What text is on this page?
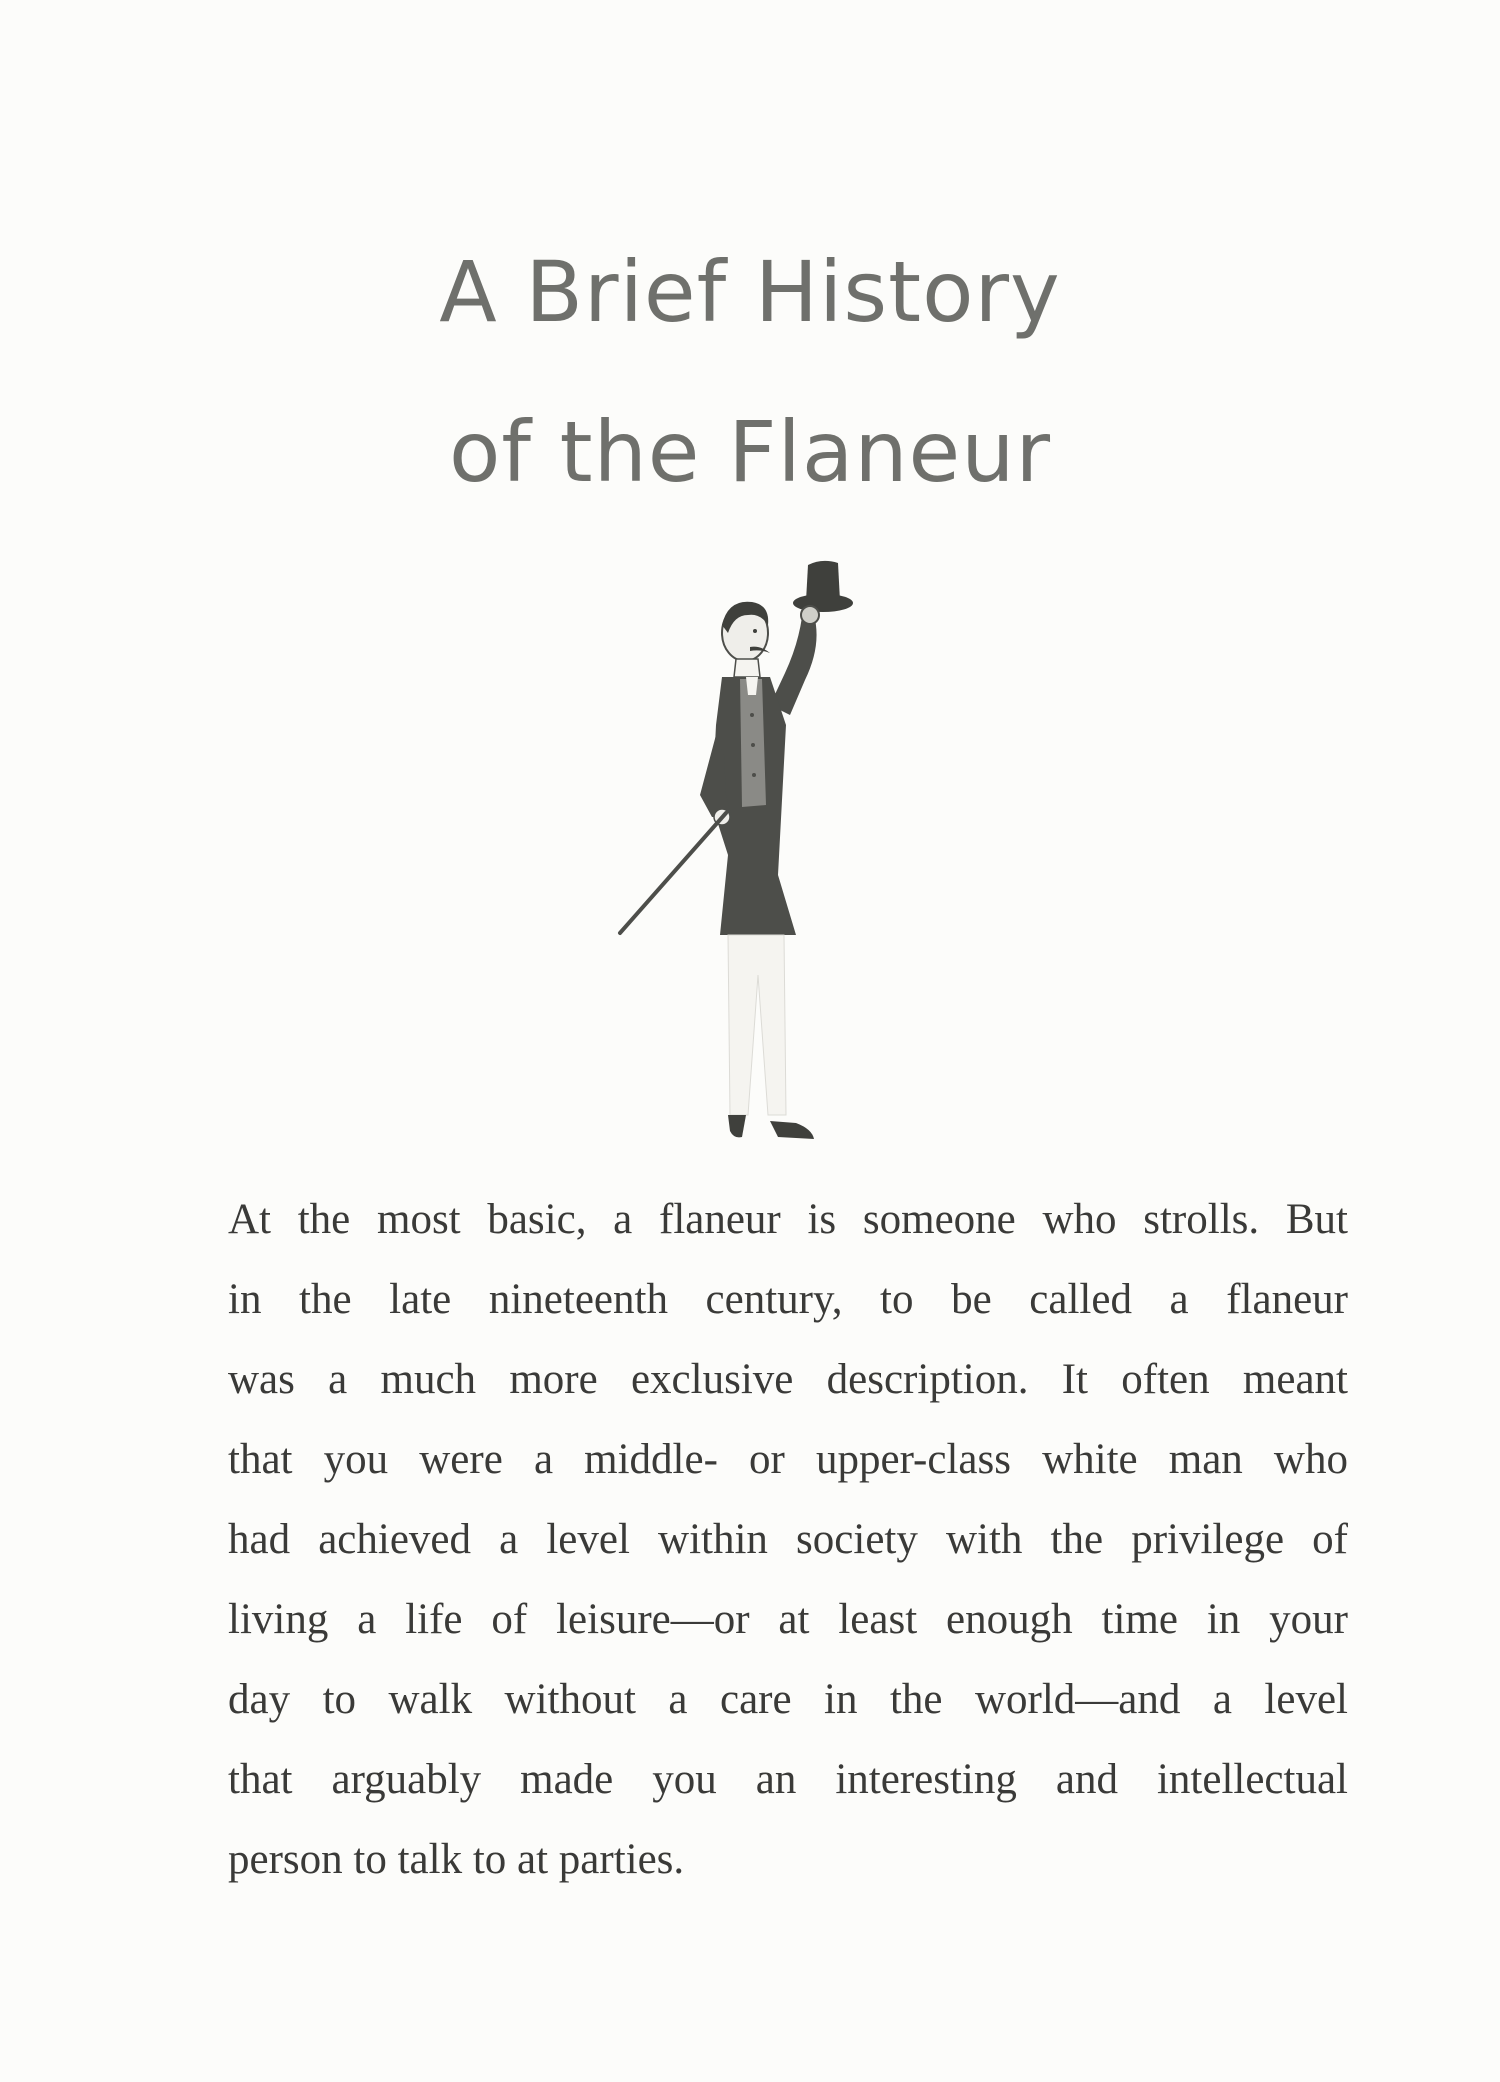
A Brief History
of the Flaneur

At the most basic, a flaneur is someone who strolls. But
in the late nineteenth century, to be called a flaneur
was a much more exclusive description. It often meant
that you were a middle- or upper-class white man who
had achieved a level within society with the privilege of
living a life of leisure—or at least enough time in your
day to walk without a care in the world—and a level
that arguably made you an interesting and intellectual
person to talk to at parties.
